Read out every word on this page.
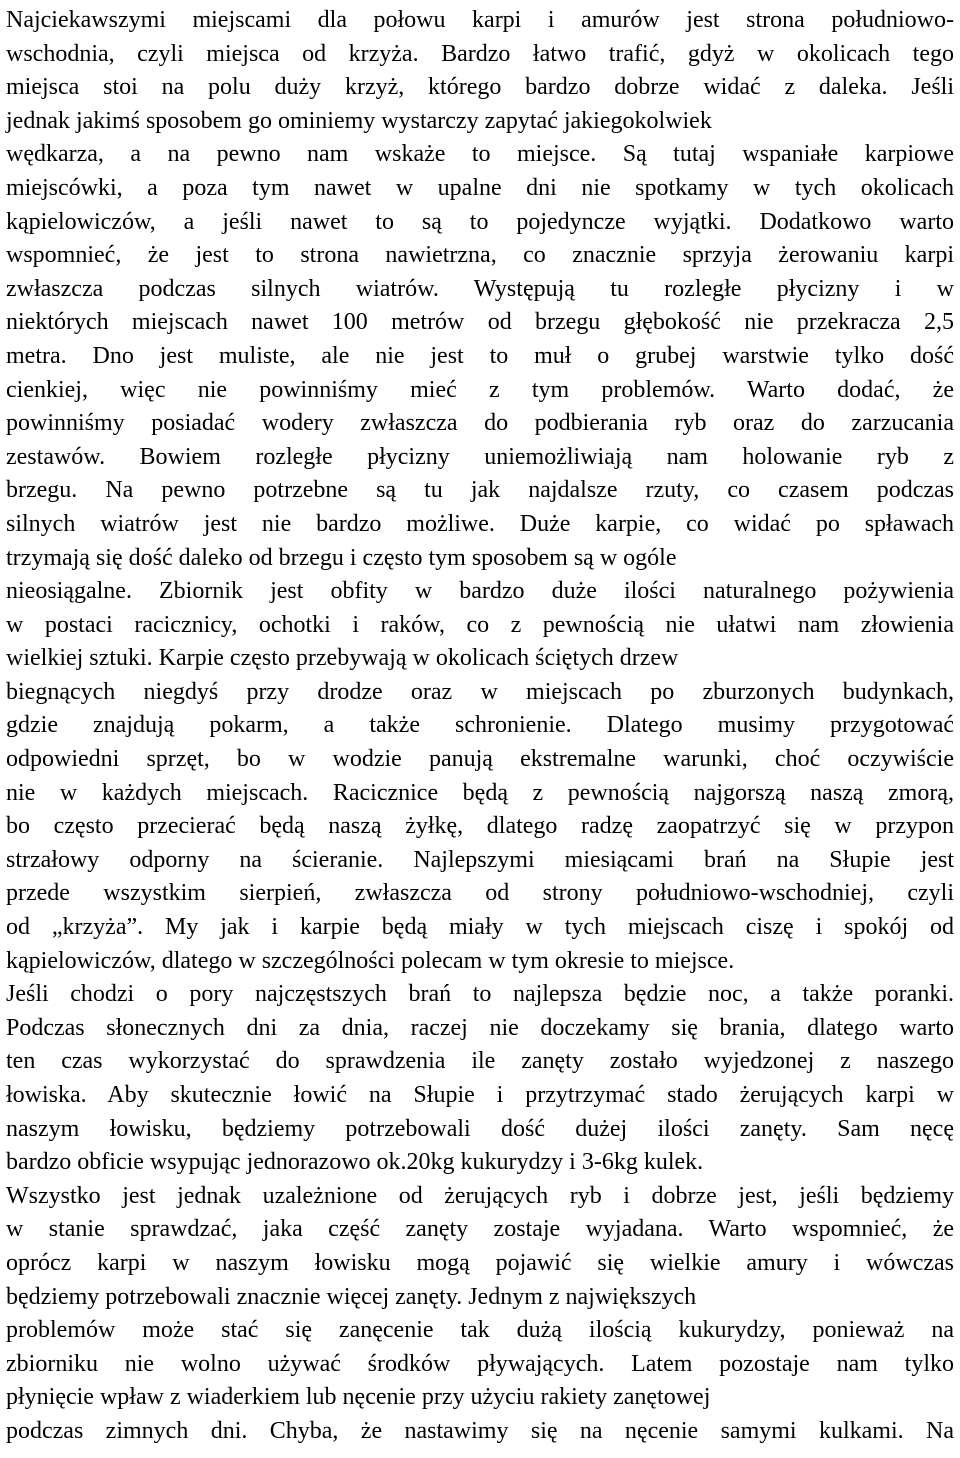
Najciekawszymi miejscami dla połowu karpi i amurów jest strona południowo-
wschodnia, czyli miejsca od krzyża. Bardzo łatwo trafić, gdyż w okolicach tego
miejsca stoi na polu duży krzyż, którego bardzo dobrze widać z daleka. Jeśli
jednak jakimś sposobem go ominiemy wystarczy zapytać jakiegokolwiek
wędkarza, a na pewno nam wskaże to miejsce. Są tutaj wspaniałe karpiowe
miejscówki, a poza tym nawet w upalne dni nie spotkamy w tych okolicach
kąpielowiczów, a jeśli nawet to są to pojedyncze wyjątki. Dodatkowo warto
wspomnieć, że jest to strona nawietrzna, co znacznie sprzyja żerowaniu karpi
zwłaszcza podczas silnych wiatrów. Występują tu rozległe płycizny i w
niektórych miejscach nawet 100 metrów od brzegu głębokość nie przekracza 2,5
metra. Dno jest muliste, ale nie jest to muł o grubej warstwie tylko dość
cienkiej, więc nie powinniśmy mieć z tym problemów. Warto dodać, że
powinniśmy posiadać wodery zwłaszcza do podbierania ryb oraz do zarzucania
zestawów. Bowiem rozległe płycizny uniemożliwiają nam holowanie ryb z
brzegu. Na pewno potrzebne są tu jak najdalsze rzuty, co czasem podczas
silnych wiatrów jest nie bardzo możliwe. Duże karpie, co widać po spławach
trzymają się dość daleko od brzegu i często tym sposobem są w ogóle
nieosiągalne. Zbiornik jest obfity w bardzo duże ilości naturalnego pożywienia
w postaci racicznicy, ochotki i raków, co z pewnością nie ułatwi nam złowienia
wielkiej sztuki. Karpie często przebywają w okolicach ściętych drzew
biegnących niegdyś przy drodze oraz w miejscach po zburzonych budynkach,
gdzie znajdują pokarm, a także schronienie. Dlatego musimy przygotować
odpowiedni sprzęt, bo w wodzie panują ekstremalne warunki, choć oczywiście
nie w każdych miejscach. Racicznice będą z pewnością najgorszą naszą zmorą,
bo często przecierać będą naszą żyłkę, dlatego radzę zaopatrzyć się w przypon
strzałowy odporny na ścieranie. Najlepszymi miesiącami brań na Słupie jest
przede wszystkim sierpień, zwłaszcza od strony południowo-wschodniej, czyli
od „krzyża”. My jak i karpie będą miały w tych miejscach ciszę i spokój od
kąpielowiczów, dlatego w szczególności polecam w tym okresie to miejsce.
Jeśli chodzi o pory najczęstszych brań to najlepsza będzie noc, a także poranki.
Podczas słonecznych dni za dnia, raczej nie doczekamy się brania, dlatego warto
ten czas wykorzystać do sprawdzenia ile zanęty zostało wyjedzonej z naszego
łowiska. Aby skutecznie łowić na Słupie i przytrzymać stado żerujących karpi w
naszym łowisku, będziemy potrzebowali dość dużej ilości zanęty. Sam nęcę
bardzo obficie wsypując jednorazowo ok.20kg kukurydzy i 3-6kg kulek.
Wszystko jest jednak uzależnione od żerujących ryb i dobrze jest, jeśli będziemy
w stanie sprawdzać, jaka część zanęty zostaje wyjadana. Warto wspomnieć, że
oprócz karpi w naszym łowisku mogą pojawić się wielkie amury i wówczas
będziemy potrzebowali znacznie więcej zanęty. Jednym z największych
problemów może stać się zanęcenie tak dużą ilością kukurydzy, ponieważ na
zbiorniku nie wolno używać środków pływających. Latem pozostaje nam tylko
płynięcie wpław z wiaderkiem lub nęcenie przy użyciu rakiety zanętowej
podczas zimnych dni. Chyba, że nastawimy się na nęcenie samymi kulkami. Na
